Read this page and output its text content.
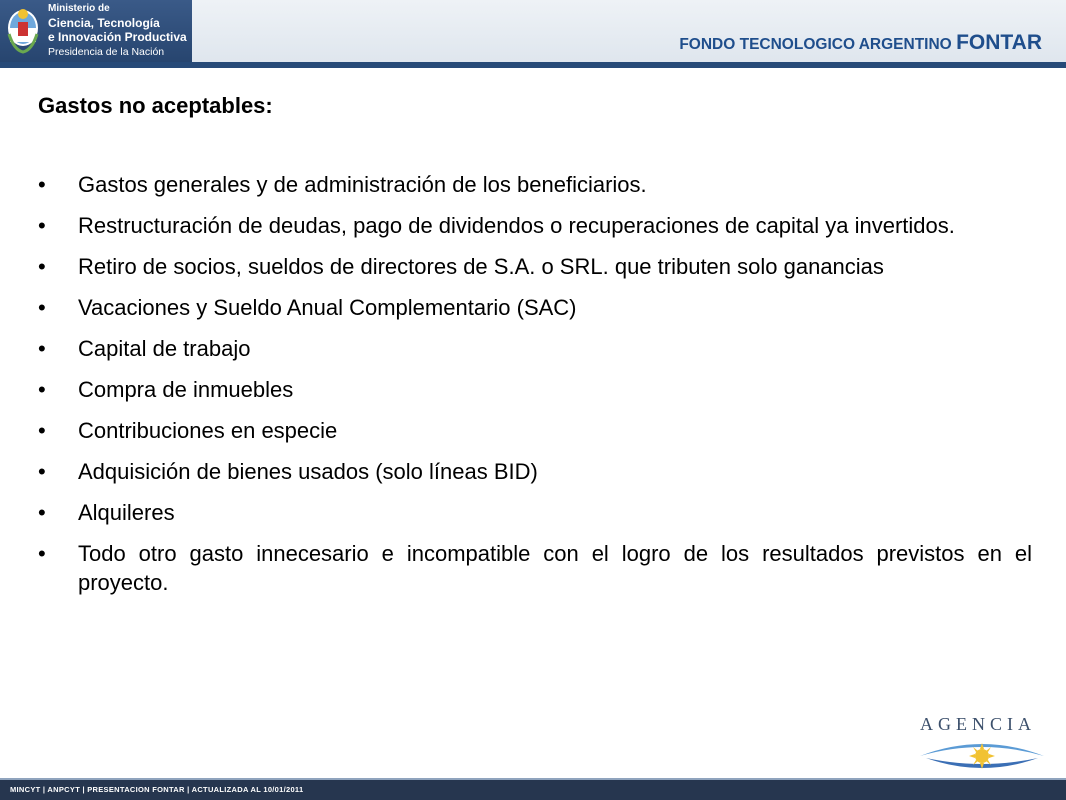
Ministerio de
Ciencia, Tecnología
e Innovación Productiva
Presidencia de la Nación	FONDO TECNOLOGICO ARGENTINO FONTAR
Gastos no aceptables:
•	Gastos generales y de administración de los beneficiarios.
•	Restructuración de deudas, pago de dividendos o recuperaciones de capital ya invertidos.
•	Retiro de socios, sueldos de directores de S.A. o SRL. que tributen solo ganancias
•	Vacaciones y Sueldo Anual Complementario (SAC)
•	Capital de trabajo
•	Compra de inmuebles
•	Contribuciones en especie
•	Adquisición de bienes usados (solo líneas BID)
•	Alquileres
•	Todo otro gasto innecesario e incompatible con el logro de los resultados previstos en el proyecto.
AGENCIA
MINCYT | ANPCYT | PRESENTACION FONTAR | ACTUALIZADA AL 10/01/2011
